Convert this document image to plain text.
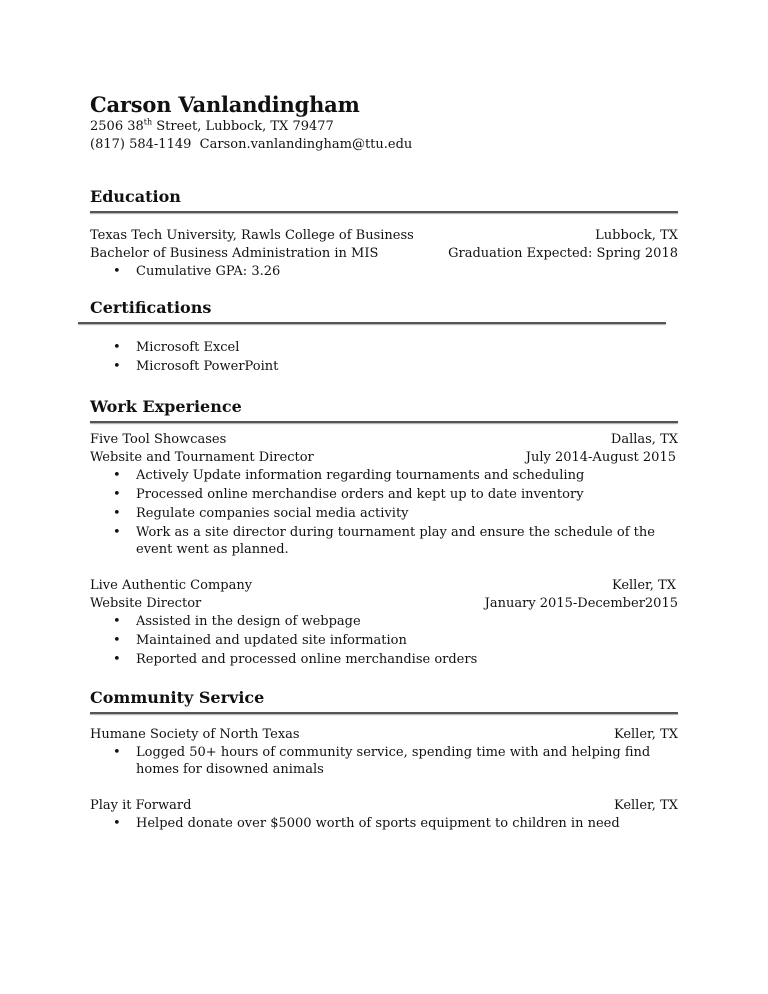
Carson Vanlandingham

2506 38th Street, Lubbock, TX 79477

(817) 584-1149 Carson.vanlandingham@ttu.edu

Education
Texas Tech University, Rawls College of Business	Lubbock, TX
Bachelor of Business Administration in MIS	Graduation Expected: Spring 2018
• Cumulative GPA: 3.26
Certifications
• Microsoft Excel
• Microsoft PowerPoint
Work Experience
Five Tool Showcases	Dallas, TX
Website and Tournament Director	July 2014-August 2015
• Actively Update information regarding tournaments and scheduling
• Processed online merchandise orders and kept up to date inventory
• Regulate companies social media activity
• Work as a site director during tournament play and ensure the schedule of the event went as planned.
Live Authentic Company	Keller, TX
Website Director	January 2015-December2015
• Assisted in the design of webpage
• Maintained and updated site information
• Reported and processed online merchandise orders
Community Service
Humane Society of North Texas	Keller, TX
• Logged 50+ hours of community service, spending time with and helping find homes for disowned animals
Play it Forward	Keller, TX
• Helped donate over $5000 worth of sports equipment to children in need
